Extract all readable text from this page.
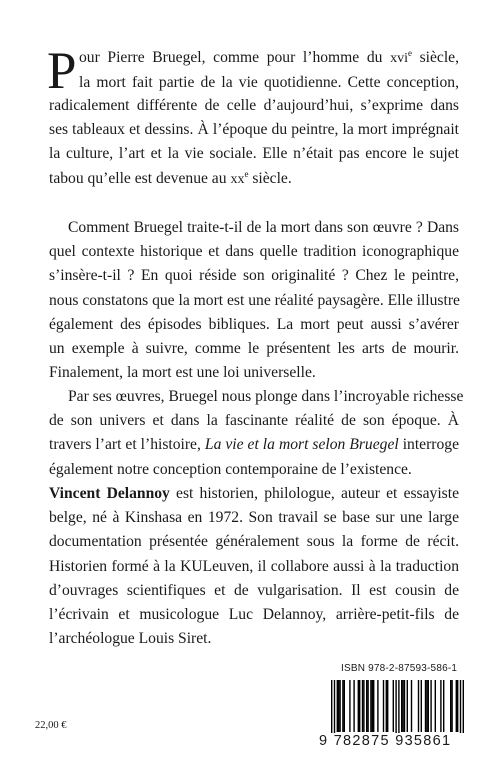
P our Pierre Bruegel, comme pour l’homme du xvi$^e$ siècle,
la mort fait partie de la vie quotidienne. Cette conception,
radicalement différente de celle d’aujourd’hui, s’exprime dans
ses tableaux et dessins. À l’époque du peintre, la mort imprégnait
la culture, l’art et la vie sociale. Elle n’était pas encore le sujet
tabou qu’elle est devenue au $xx^e$ siècle.
Comment Bruegel traite-t-il de la mort dans son œuvre ? Dans
quel contexte historique et dans quelle tradition iconographique
s’insère-t-il ? En quoi réside son originalité ? Chez le peintre,
nous constatons que la mort est une réalité paysagère. Elle illustre
également des épisodes bibliques. La mort peut aussi s’avérer
un exemple à suivre, comme le présentent les arts de mourir.
Finalement, la mort est une loi universelle.
Par ses œuvres, Bruegel nous plonge dans l’incroyable richesse
de son univers et dans la fascinante réalité de son époque. À
travers l’art et l’histoire, La vie et la mort selon Bruegel interroge
également notre conception contemporaine de l’existence.
Vincent Delannoy est historien, philologue, auteur et essayiste
belge, né à Kinshasa en 1972. Son travail se base sur une large
documentation présentée généralement sous la forme de récit.
Historien formé à la KULeuven, il collabore aussi à la traduction
d’ouvrages scientifiques et de vulgarisation. Il est cousin de
l’écrivain et musicologue Luc Delannoy, arrière-petit-fils de
l’archéologue Louis Siret.
ISBN 978-2-87593-586-1
9 782875 935861
22,00 €
